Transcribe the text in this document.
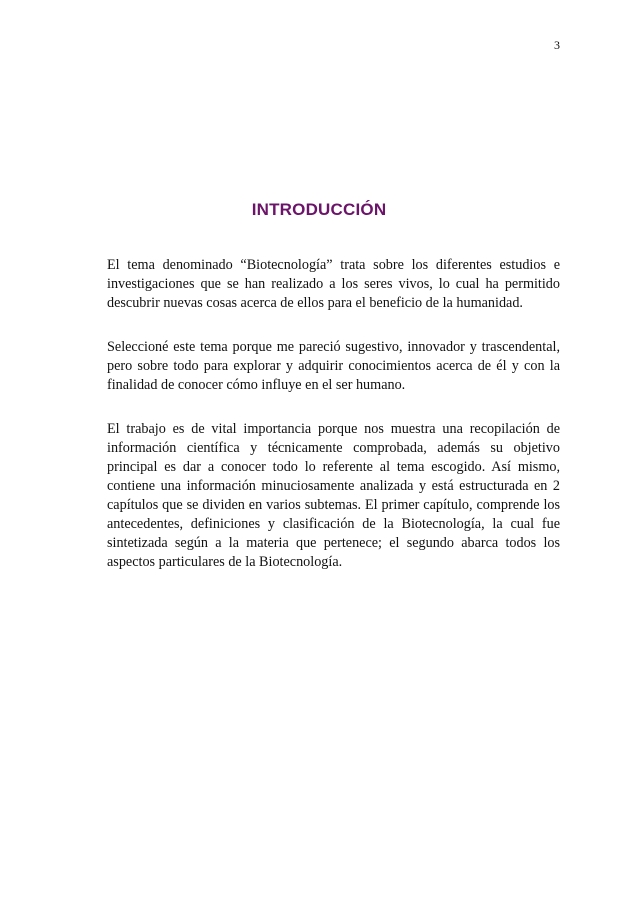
3
INTRODUCCIÓN

El tema denominado “Biotecnología” trata sobre los diferentes estudios e investigaciones que se han realizado a los seres vivos, lo cual ha permitido descubrir nuevas cosas acerca de ellos para el beneficio de la humanidad.

Seleccioné este tema porque me pareció sugestivo, innovador y trascendental, pero sobre todo para explorar y adquirir conocimientos acerca de él y con la finalidad de conocer cómo influye en el ser humano.

El trabajo es de vital importancia porque nos muestra una recopilación de información científica y técnicamente comprobada, además su objetivo principal es dar a conocer todo lo referente al tema escogido. Así mismo, contiene una información minuciosamente analizada y está estructurada en 2 capítulos que se dividen en varios subtemas. El primer capítulo, comprende los antecedentes, definiciones y clasificación de la Biotecnología, la cual fue sintetizada según a la materia que pertenece; el segundo abarca todos los aspectos particulares de la Biotecnología.
